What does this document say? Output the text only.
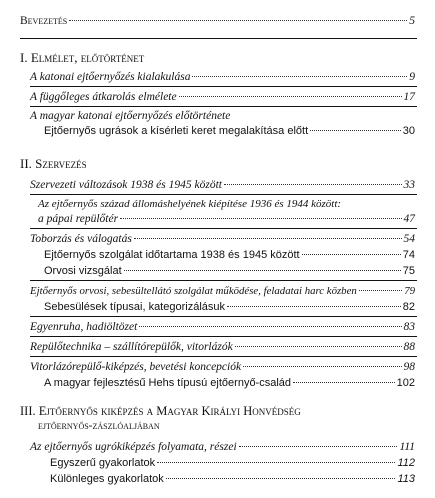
Bevezetés	5
I. Elmélet, előtörténet
A katonai ejtőernyőzés kialakulása	9
A függőleges átkarolás elmélete	17
A magyar katonai ejtőernyőzés előtörténete
Ejtőernyős ugrások a kísérleti keret megalakítása előtt	30
II. Szervezés
Szervezeti változások 1938 és 1945 között	33
Az ejtőernyős század állomáshelyének kiépítése 1936 és 1944 között:
a pápai repülőtér	47
Toborzás és válogatás	54
Ejtőernyős szolgálat időtartama 1938 és 1945 között	74
Orvosi vizsgálat	75
Ejtőernyős orvosi, sebesültellátó szolgálat működése, feladatai harc közben	79
Sebesülések típusai, kategorizálásuk	82
Egyenruha, hadiöltözet	83
Repülőtechnika – szállítórepülők, vitorlázók	88
Vitorlázórepülő-kiképzés, bevetési koncepciók	98
A magyar fejlesztésű Hehs típusú ejtőernyő-család	102
III. Ejtőernyős kiképzés a Magyar Királyi Honvédség
ejtőernyős-zászlóaljában
Az ejtőernyős ugrókiképzés folyamata, részei	111
Egyszerű gyakorlatok	112
Különleges gyakorlatok	113
